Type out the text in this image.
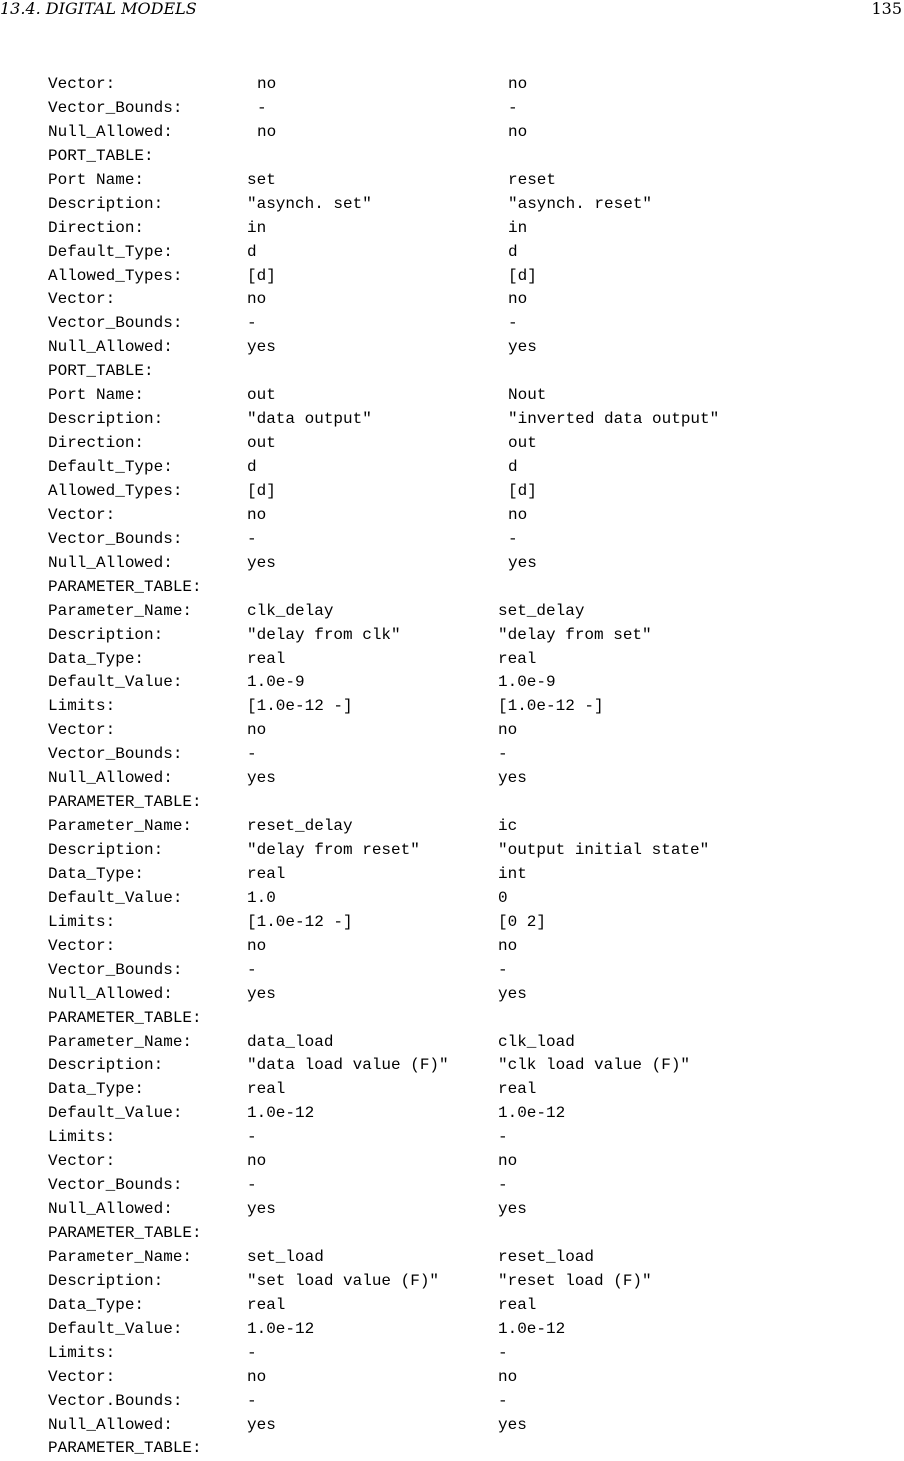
13.4. DIGITAL MODELS	135
Vector:	no	no
Vector_Bounds:	-	-
Null_Allowed:	no	no
PORT_TABLE:
Port Name:	set	reset
Description:	"asynch. set"	"asynch. reset"
Direction:	in	in
Default_Type:	d	d
Allowed_Types:	[d]	[d]
Vector:	no	no
Vector_Bounds:	-	-
Null_Allowed:	yes	yes
PORT_TABLE:
Port Name:	out	Nout
Description:	"data output"	"inverted data output"
Direction:	out	out
Default_Type:	d	d
Allowed_Types:	[d]	[d]
Vector:	no	no
Vector_Bounds:	-	-
Null_Allowed:	yes	yes
PARAMETER_TABLE:
Parameter_Name:	clk_delay	set_delay
Description:	"delay from clk"	"delay from set"
Data_Type:	real	real
Default_Value:	1.0e-9	1.0e-9
Limits:	[1.0e-12 -]	[1.0e-12 -]
Vector:	no	no
Vector_Bounds:	-	-
Null_Allowed:	yes	yes
PARAMETER_TABLE:
Parameter_Name:	reset_delay	ic
Description:	"delay from reset"	"output initial state"
Data_Type:	real	int
Default_Value:	1.0	0
Limits:	[1.0e-12 -]	[0 2]
Vector:	no	no
Vector_Bounds:	-	-
Null_Allowed:	yes	yes
PARAMETER_TABLE:
Parameter_Name:	data_load	clk_load
Description:	"data load value (F)"	"clk load value (F)"
Data_Type:	real	real
Default_Value:	1.0e-12	1.0e-12
Limits:	-	-
Vector:	no	no
Vector_Bounds:	-	-
Null_Allowed:	yes	yes
PARAMETER_TABLE:
Parameter_Name:	set_load	reset_load
Description:	"set load value (F)"	"reset load (F)"
Data_Type:	real	real
Default_Value:	1.0e-12	1.0e-12
Limits:	-	-
Vector:	no	no
Vector.Bounds:	-	-
Null_Allowed:	yes	yes
PARAMETER_TABLE:
